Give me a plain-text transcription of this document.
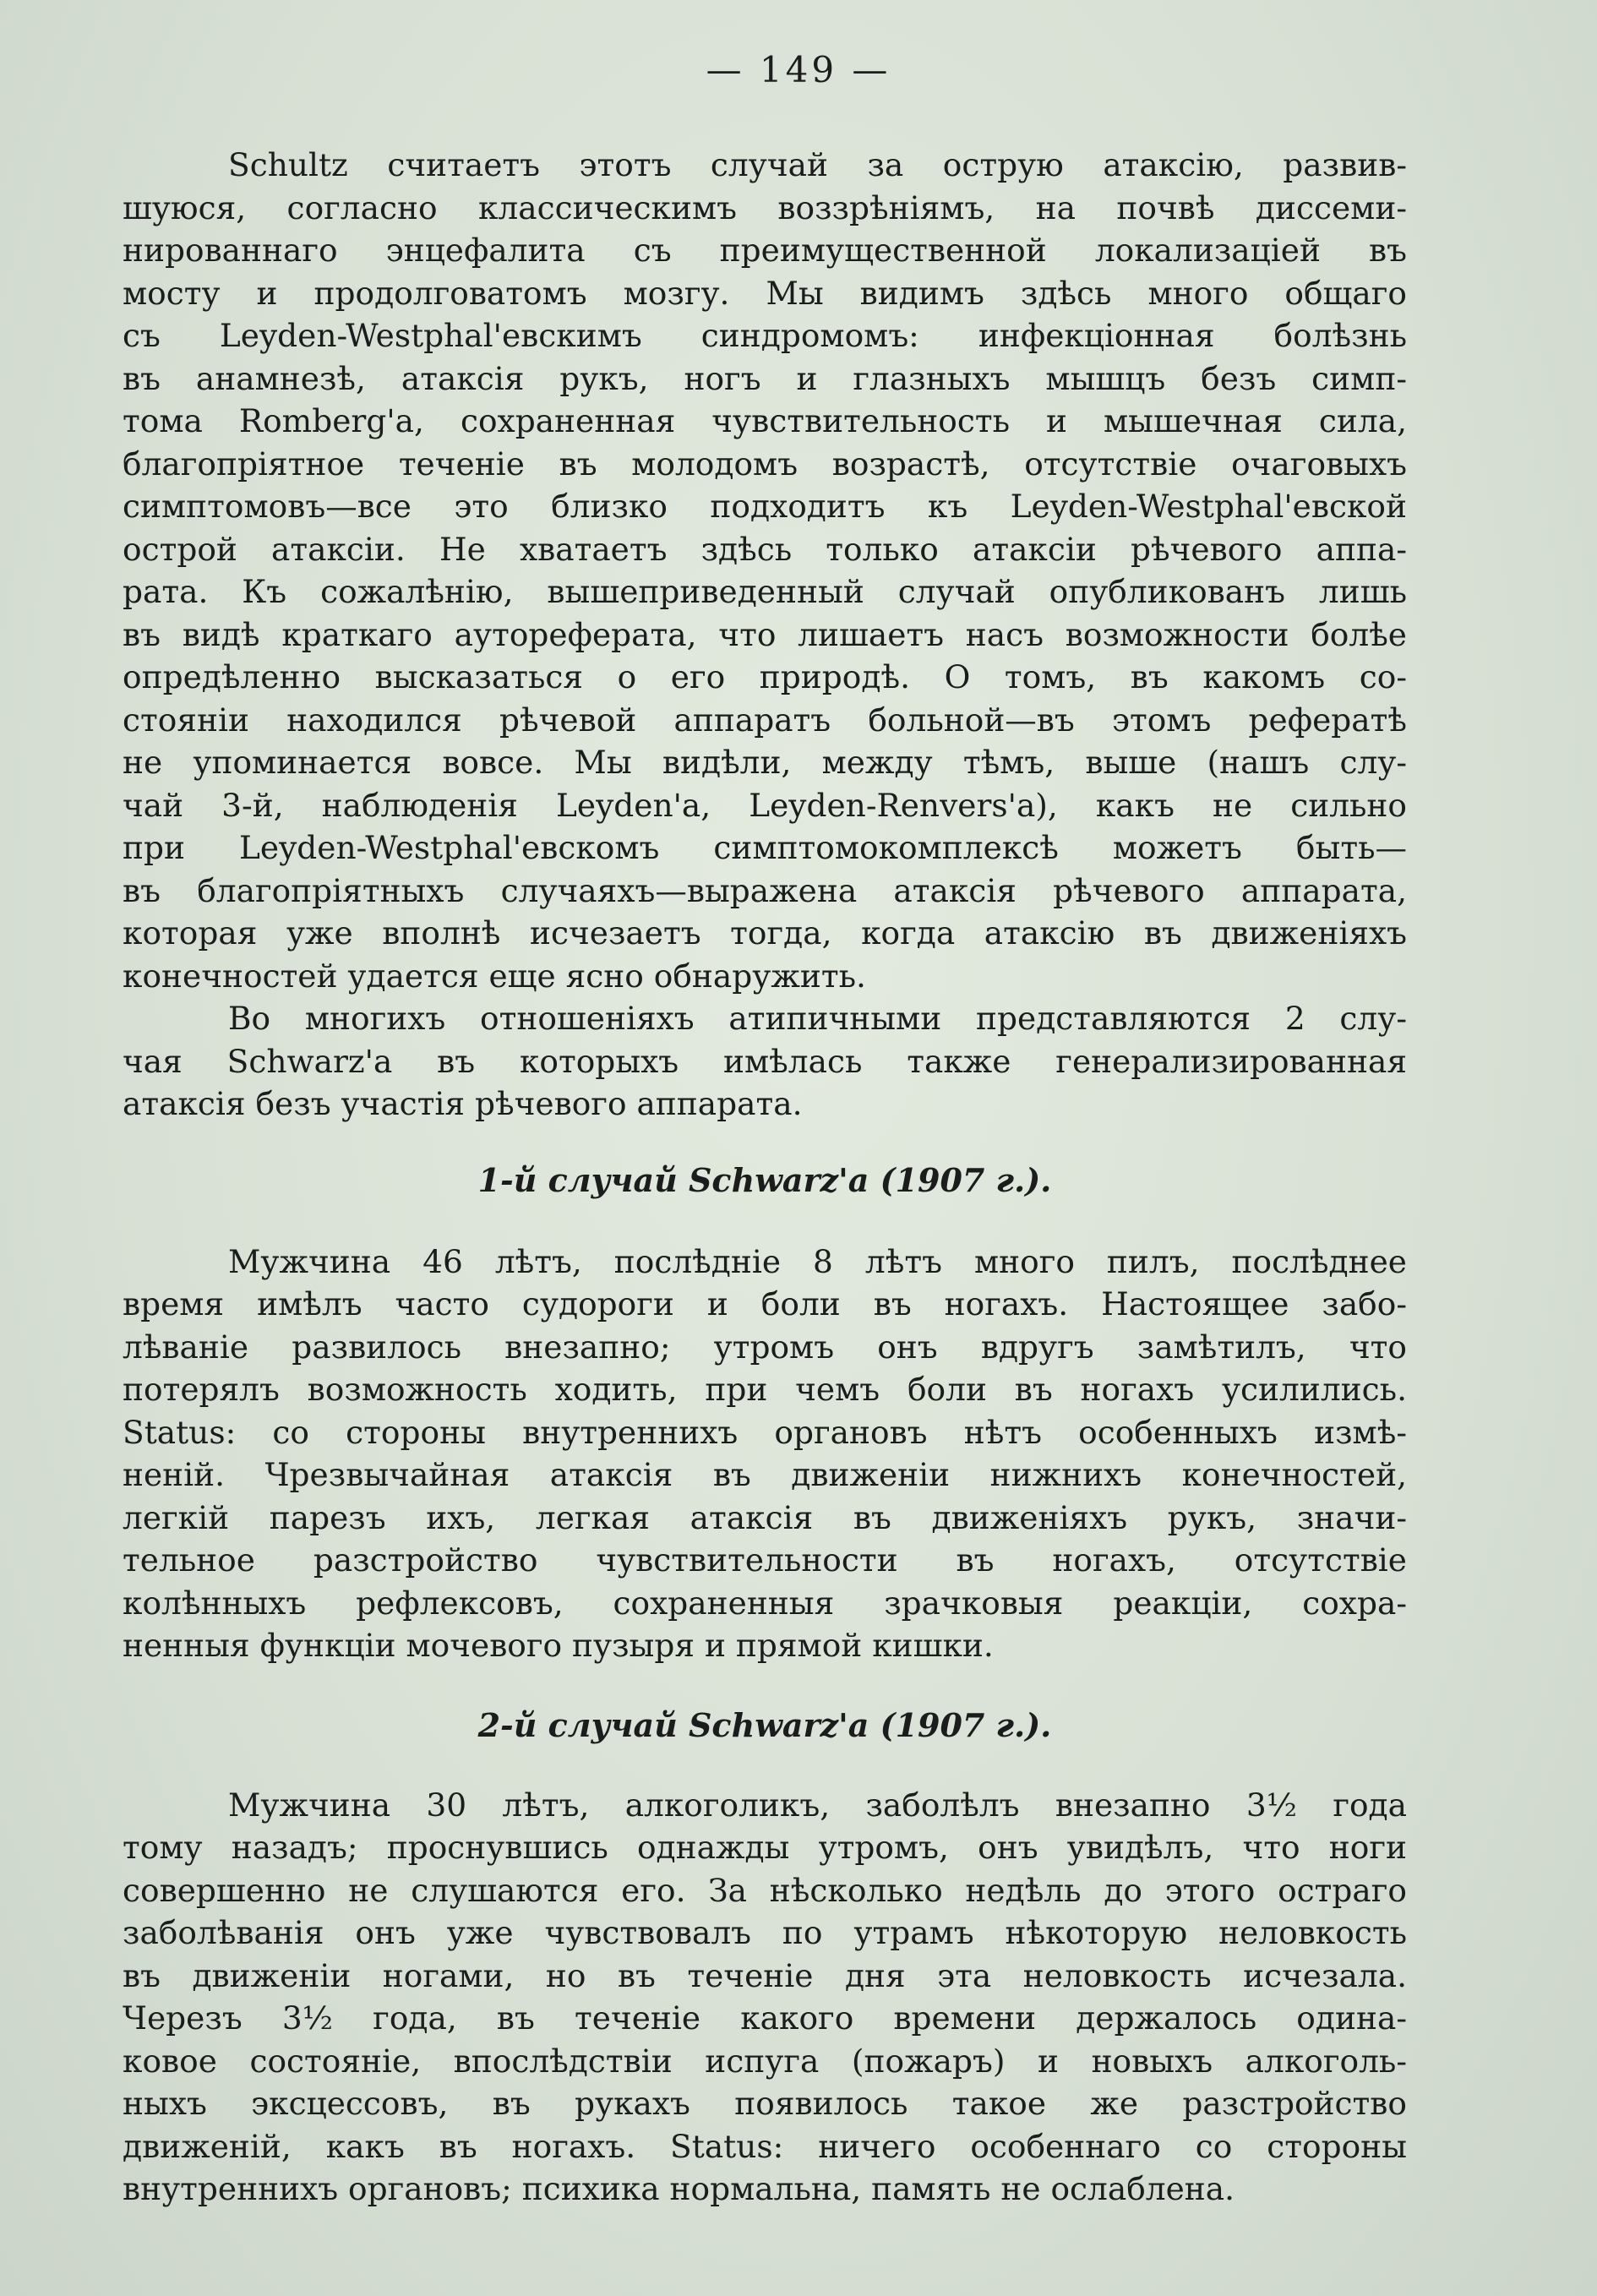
— 149 —
Schultz считаетъ этотъ случай за острую атаксію, развив-
шуюся, согласно классическимъ воззрѣніямъ, на почвѣ диссеми-
нированнаго энцефалита съ преимущественной локализаціей въ
мосту и продолговатомъ мозгу. Мы видимъ здѣсь много общаго
съ Leyden-Westphal'евскимъ синдромомъ: инфекціонная болѣзнь
въ анамнезѣ, атаксія рукъ, ногъ и глазныхъ мышцъ безъ симп-
тома Romberg'a, сохраненная чувствительность и мышечная сила,
благопріятное теченіе въ молодомъ возрастѣ, отсутствіе очаговыхъ
симптомовъ—все это близко подходитъ къ Leyden-Westphal'евской
острой атаксіи. Не хватаетъ здѣсь только атаксіи рѣчевого аппа-
рата. Къ сожалѣнію, вышеприведенный случай опубликованъ лишь
въ видѣ краткаго аутореферата, что лишаетъ насъ возможности болѣе
опредѣленно высказаться о его природѣ. О томъ, въ какомъ со-
стояніи находился рѣчевой аппаратъ больной—въ этомъ рефератѣ
не упоминается вовсе. Мы видѣли, между тѣмъ, выше (нашъ слу-
чай 3-й, наблюденія Leyden'a, Leyden-Renvers'a), какъ не сильно
при Leyden-Westphal'евскомъ симптомокомплексѣ можетъ быть—
въ благопріятныхъ случаяхъ—выражена атаксія рѣчевого аппарата,
которая уже вполнѣ исчезаетъ тогда, когда атаксію въ движеніяхъ
конечностей удается еще ясно обнаружить.
Во многихъ отношеніяхъ атипичными представляются 2 слу-
чая Schwarz'a въ которыхъ имѣлась также генерализированная
атаксія безъ участія рѣчевого аппарата.
1-й случай Schwarz'a (1907 г.).
Мужчина 46 лѣтъ, послѣдніе 8 лѣтъ много пилъ, послѣднее
время имѣлъ часто судороги и боли въ ногахъ. Настоящее забо-
лѣваніе развилось внезапно; утромъ онъ вдругъ замѣтилъ, что
потерялъ возможность ходить, при чемъ боли въ ногахъ усилились.
Status: со стороны внутреннихъ органовъ нѣтъ особенныхъ измѣ-
неній. Чрезвычайная атаксія въ движеніи нижнихъ конечностей,
легкій парезъ ихъ, легкая атаксія въ движеніяхъ рукъ, значи-
тельное разстройство чувствительности въ ногахъ, отсутствіе
колѣнныхъ рефлексовъ, сохраненныя зрачковыя реакціи, сохра-
ненныя функціи мочевого пузыря и прямой кишки.
2-й случай Schwarz'a (1907 г.).
Мужчина 30 лѣтъ, алкоголикъ, заболѣлъ внезапно 3½ года
тому назадъ; проснувшись однажды утромъ, онъ увидѣлъ, что ноги
совершенно не слушаются его. За нѣсколько недѣль до этого остраго
заболѣванія онъ уже чувствовалъ по утрамъ нѣкоторую неловкость
въ движеніи ногами, но въ теченіе дня эта неловкость исчезала.
Черезъ 3½ года, въ теченіе какого времени держалось одина-
ковое состояніе, впослѣдствіи испуга (пожаръ) и новыхъ алкоголь-
ныхъ эксцессовъ, въ рукахъ появилось такое же разстройство
движеній, какъ въ ногахъ. Status: ничего особеннаго со стороны
внутреннихъ органовъ; психика нормальна, память не ослаблена.
